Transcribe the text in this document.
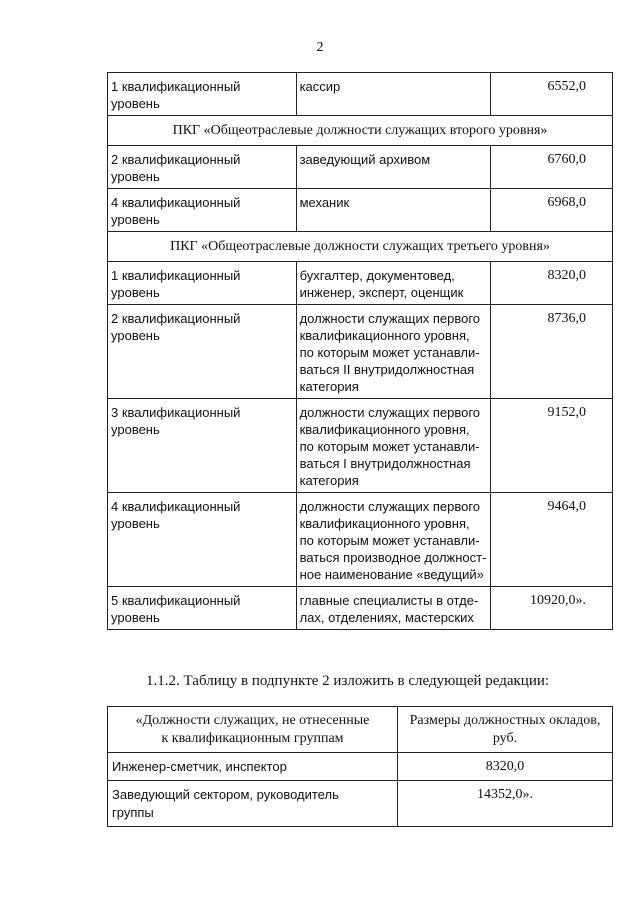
2
1 квалификационный
уровень	кассир	6552,0

ПКГ «Общеотраслевые должности служащих второго уровня»		

2 квалификационный
уровень	заведующий архивом	6760,0

4 квалификационный
уровень	механик	6968,0

ПКГ «Общеотраслевые должности служащих третьего уровня»		

1 квалификационный
уровень	бухгалтер, документовед,
инженер, эксперт, оценщик	8320,0

2 квалификационный
уровень	должности служащих первого
квалификационного уровня,
по которым может устанавли-
ваться II внутридолжностная
категория	8736,0

3 квалификационный
уровень	должности служащих первого
квалификационного уровня,
по которым может устанавли-
ваться I внутридолжностная
категория	9152,0

4 квалификационный
уровень	должности служащих первого
квалификационного уровня,
по которым может устанавли-
ваться производное должност-
ное наименование «ведущий»	9464,0

5 квалификационный
уровень	главные специалисты в отде-
лах, отделениях, мастерских	10920,0».
1.1.2. Таблицу в подпункте 2 изложить в следующей редакции:
«Должности служащих, не отнесенные
к квалификационным группам	Размеры должностных окладов,
руб.
Инженер-сметчик, инспектор	8320,0
Заведующий сектором, руководитель
группы	14352,0».
